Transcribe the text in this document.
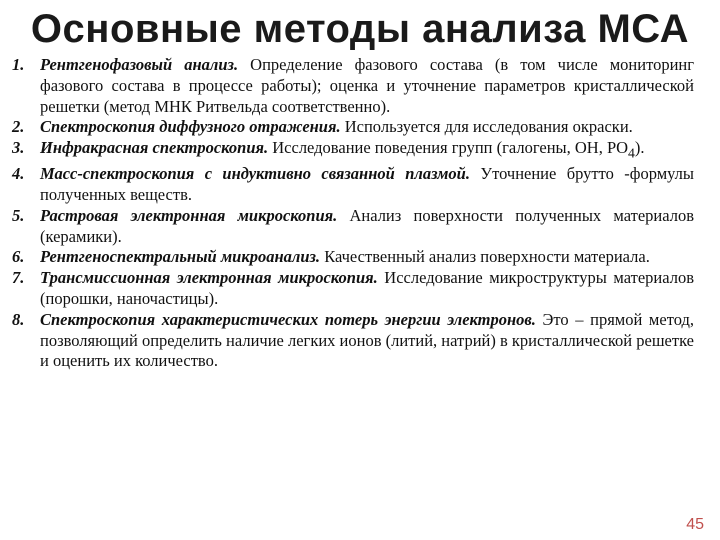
Основные методы анализа МСА
1. Рентгенофазовый анализ. Определение фазового состава (в том числе мониторинг фазового состава в процессе работы); оценка и уточнение параметров кристаллической решетки (метод МНК Ритвельда соответственно).
2. Спектроскопия диффузного отражения. Используется для исследования окраски.
3. Инфракрасная спектроскопия. Исследование поведения групп (галогены, OH, $PO_4$).
4. Масс-спектроскопия с индуктивно связанной плазмой. Уточнение брутто -формулы полученных веществ.
5. Растровая электронная микроскопия. Анализ поверхности полученных материалов (керамики).
6. Рентгеноспектральный микроанализ. Качественный анализ поверхности материала.
7. Трансмиссионная электронная микроскопия. Исследование микроструктуры материалов (порошки, наночастицы).
8. Спектроскопия характеристических потерь энергии электронов. Это – прямой метод, позволяющий определить наличие легких ионов (литий, натрий) в кристаллической решетке и оценить их количество.
45
